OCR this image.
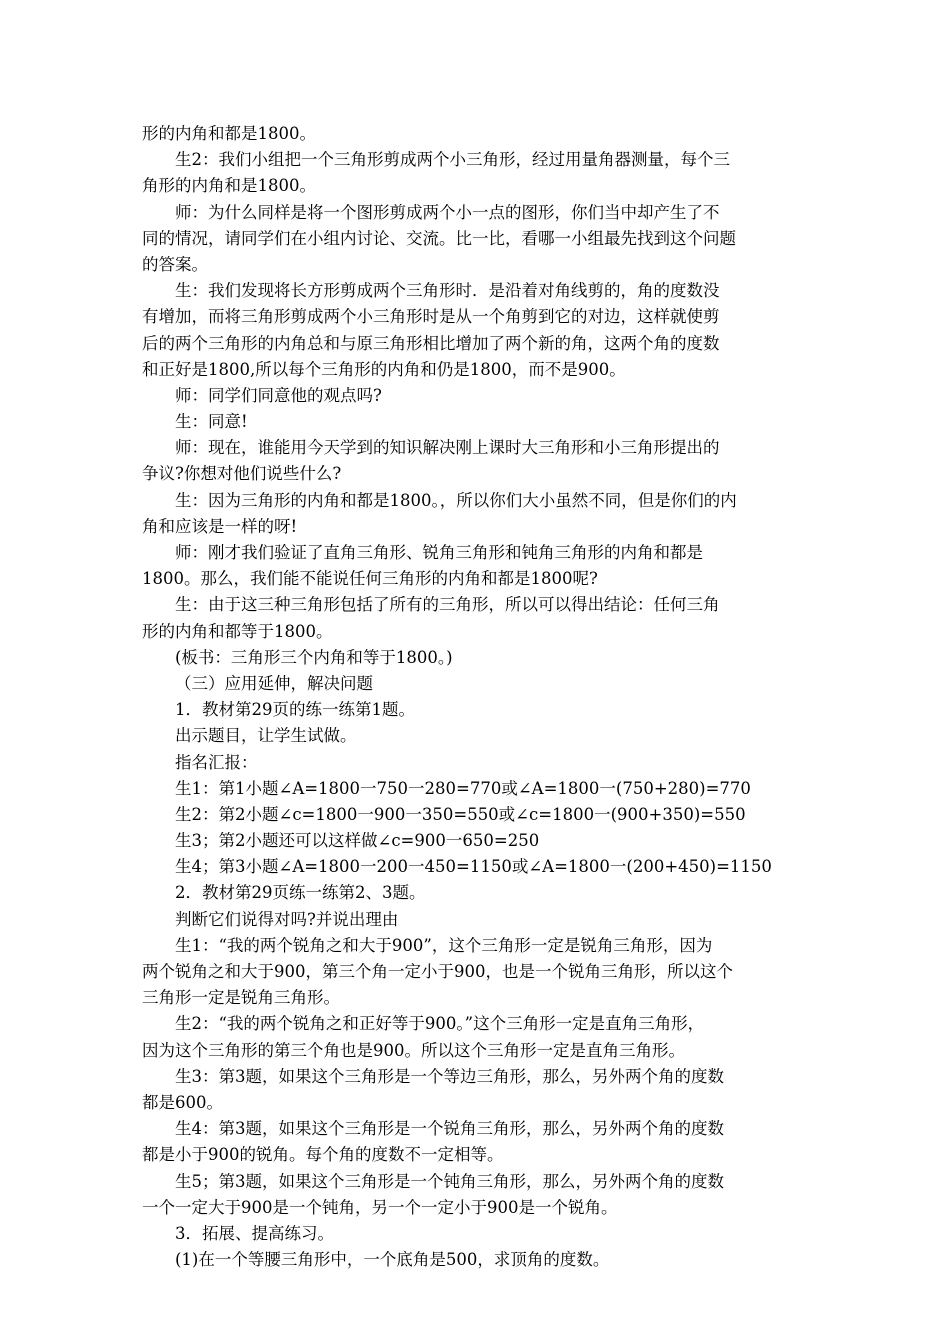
形的内角和都是1800。
生2：我们小组把一个三角形剪成两个小三角形，经过用量角器测量，每个三
角形的内角和是1800。
师：为什么同样是将一个图形剪成两个小一点的图形，你们当中却产生了不
同的情况，请同学们在小组内讨论、交流。比一比，看哪一小组最先找到这个问题
的答案。
生：我们发现将长方形剪成两个三角形时．是沿着对角线剪的，角的度数没
有增加，而将三角形剪成两个小三角形时是从一个角剪到它的对边，这样就使剪
后的两个三角形的内角总和与原三角形相比增加了两个新的角，这两个角的度数
和正好是1800,所以每个三角形的内角和仍是1800，而不是900。
师：同学们同意他的观点吗?
生：同意!
师：现在，谁能用今天学到的知识解决刚上课时大三角形和小三角形提出的
争议?你想对他们说些什么?
生：因为三角形的内角和都是1800。，所以你们大小虽然不同，但是你们的内
角和应该是一样的呀!
师：刚才我们验证了直角三角形、锐角三角形和钝角三角形的内角和都是
1800。那么，我们能不能说任何三角形的内角和都是1800呢?
生：由于这三种三角形包括了所有的三角形，所以可以得出结论：任何三角
形的内角和都等于1800。
(板书：三角形三个内角和等于1800。)
（三）应用延伸，解决问题
1．教材第29页的练一练第1题。
出示题目，让学生试做。
指名汇报：
生1：第1小题∠A=1800一750一280=770或∠A=1800一(750+280)=770
生2：第2小题∠c=1800一900一350=550或∠c=1800一(900+350)=550
生3；第2小题还可以这样做∠c=900一650=250
生4；第3小题∠A=1800一200一450=1150或∠A=1800一(200+450)=1150
2．教材第29页练一练第2、3题。
判断它们说得对吗?并说出理由
生1：“我的两个锐角之和大于900”，这个三角形一定是锐角三角形，因为
两个锐角之和大于900，第三个角一定小于900，也是一个锐角三角形，所以这个
三角形一定是锐角三角形。
生2：“我的两个锐角之和正好等于900。”这个三角形一定是直角三角形，
因为这个三角形的第三个角也是900。所以这个三角形一定是直角三角形。
生3：第3题，如果这个三角形是一个等边三角形，那么，另外两个角的度数
都是600。
生4：第3题，如果这个三角形是一个锐角三角形，那么，另外两个角的度数
都是小于900的锐角。每个角的度数不一定相等。
生5；第3题，如果这个三角形是一个钝角三角形，那么，另外两个角的度数
一个一定大于900是一个钝角，另一个一定小于900是一个锐角。
3．拓展、提高练习。
(1)在一个等腰三角形中，一个底角是500，求顶角的度数。
